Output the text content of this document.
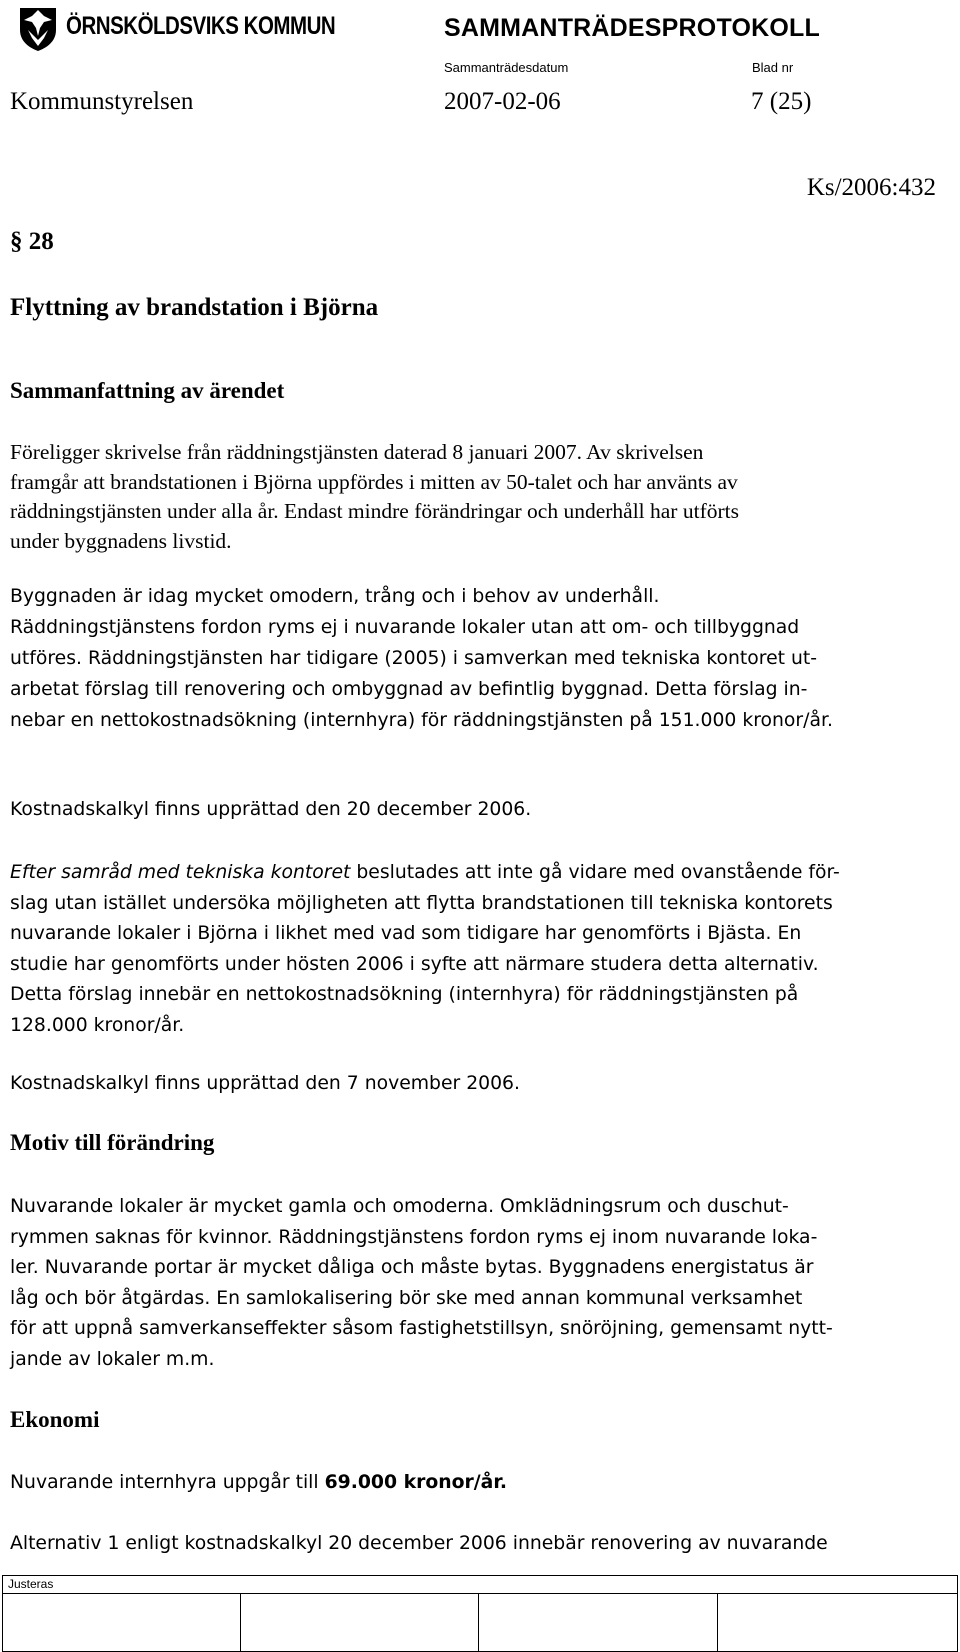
ÖRNSKÖLDSVIKS KOMMUN	SAMMANTRÄDESPROTOKOLL
Sammanträdesdatum	Blad nr
Kommunstyrelsen	2007-02-06	7 (25)
Ks/2006:432
§ 28
Flyttning av brandstation i Björna
Sammanfattning av ärendet
Föreligger skrivelse från räddningstjänsten daterad 8 januari 2007. Av skrivelsen
framgår att brandstationen i Björna uppfördes i mitten av 50-talet och har använts av
räddningstjänsten under alla år. Endast mindre förändringar och underhåll har utförts
under byggnadens livstid.
Byggnaden är idag mycket omodern, trång och i behov av underhåll.
Räddningstjänstens fordon ryms ej i nuvarande lokaler utan att om- och tillbyggnad
utföres. Räddningstjänsten har tidigare (2005) i samverkan med tekniska kontoret ut-
arbetat förslag till renovering och ombyggnad av befintlig byggnad. Detta förslag in-
nebar en nettokostnadsökning (internhyra) för räddningstjänsten på 151.000 kronor/år.
Kostnadskalkyl finns upprättad den 20 december 2006.
Efter samråd med tekniska kontoret beslutades att inte gå vidare med ovanstående för-
slag utan istället undersöka möjligheten att flytta brandstationen till tekniska kontorets
nuvarande lokaler i Björna i likhet med vad som tidigare har genomförts i Bjästa. En
studie har genomförts under hösten 2006 i syfte att närmare studera detta alternativ.
Detta förslag innebär en nettokostnadsökning (internhyra) för räddningstjänsten på
128.000 kronor/år.
Kostnadskalkyl finns upprättad den 7 november 2006.
Motiv till förändring
Nuvarande lokaler är mycket gamla och omoderna. Omklädningsrum och duschut-
rymmen saknas för kvinnor. Räddningstjänstens fordon ryms ej inom nuvarande loka-
ler. Nuvarande portar är mycket dåliga och måste bytas. Byggnadens energistatus är
låg och bör åtgärdas. En samlokalisering bör ske med annan kommunal verksamhet
för att uppnå samverkanseffekter såsom fastighetstillsyn, snöröjning, gemensamt nytt-
jande av lokaler m.m.
Ekonomi
Nuvarande internhyra uppgår till 69.000 kronor/år.
Alternativ 1 enligt kostnadskalkyl 20 december 2006 innebär renovering av nuvarande
Justeras
